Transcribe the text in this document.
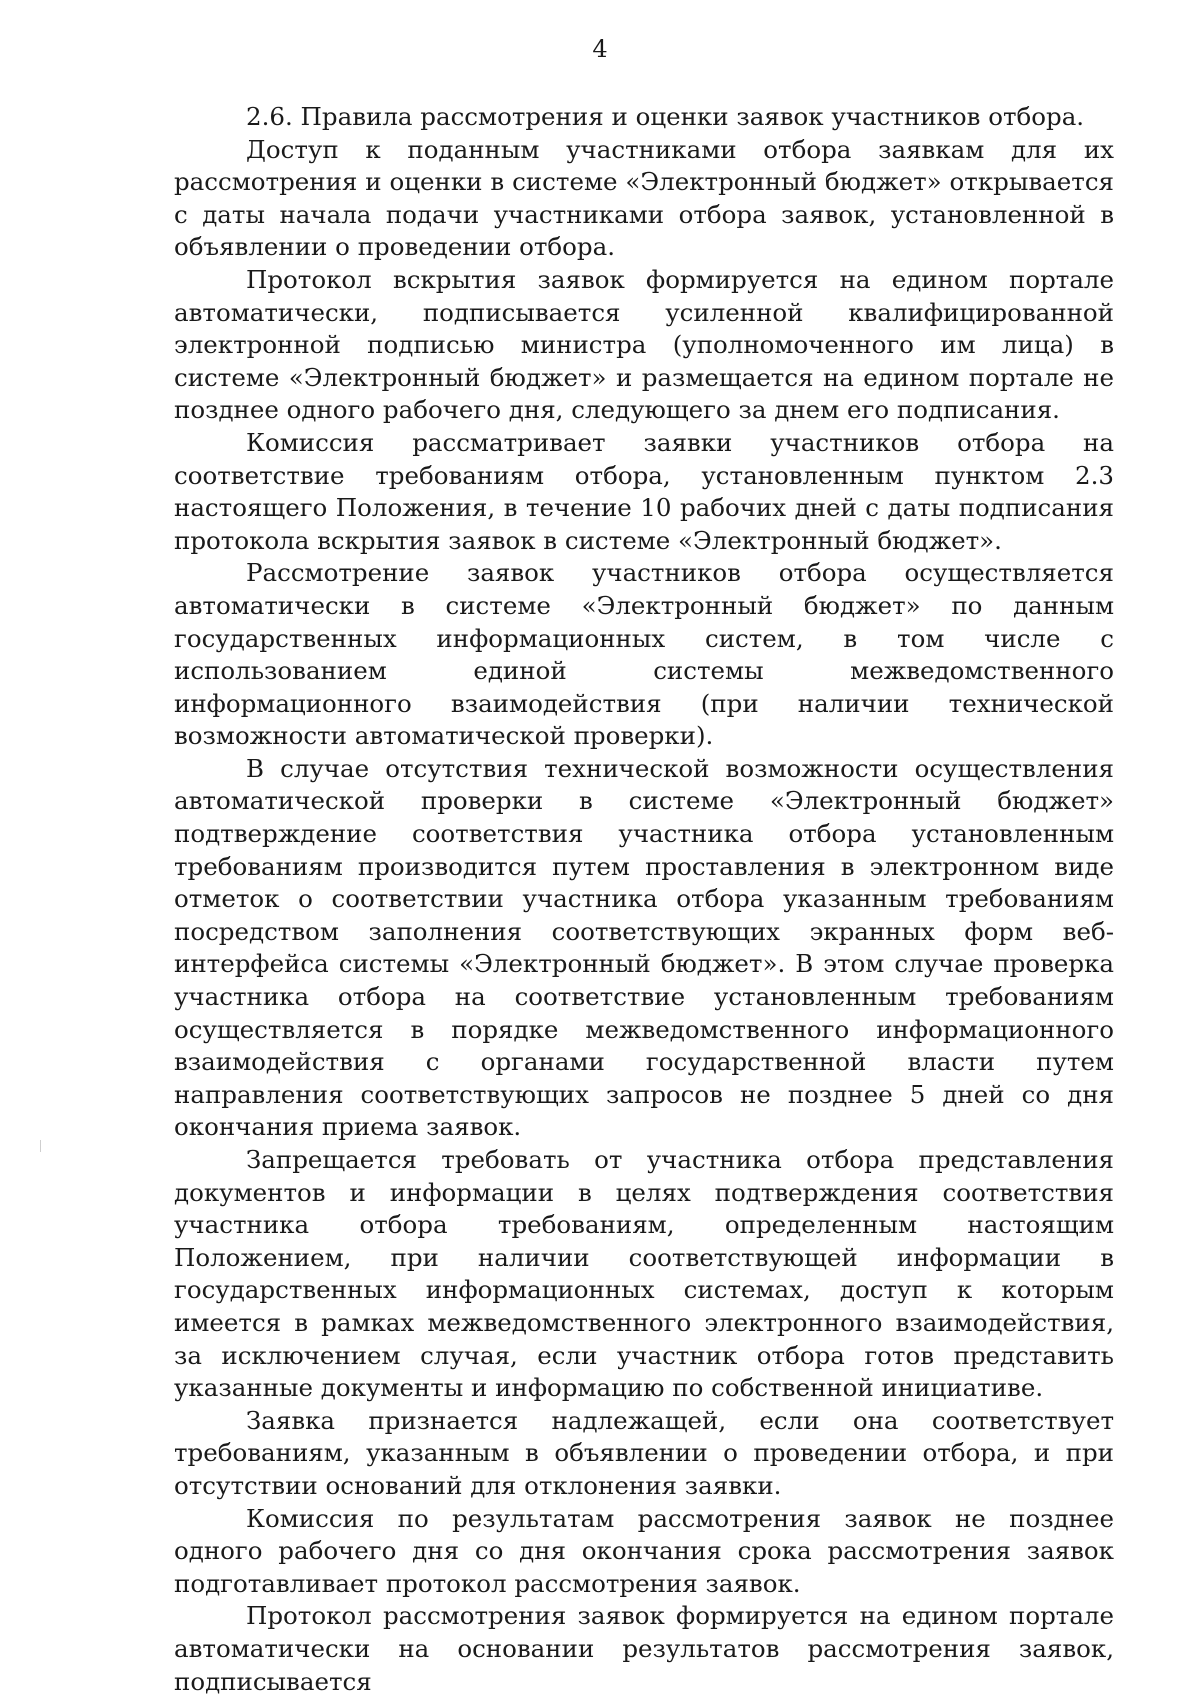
4

2.6. Правила рассмотрения и оценки заявок участников отбора.

Доступ к поданным участниками отбора заявкам для их рассмотрения и оценки в системе «Электронный бюджет» открывается с даты начала подачи участниками отбора заявок, установленной в объявлении о проведении отбора.

Протокол вскрытия заявок формируется на едином портале автоматически, подписывается усиленной квалифицированной электронной подписью министра (уполномоченного им лица) в системе «Электронный бюджет» и размещается на едином портале не позднее одного рабочего дня, следующего за днем его подписания.

Комиссия рассматривает заявки участников отбора на соответствие требованиям отбора, установленным пунктом 2.3 настоящего Положения, в течение 10 рабочих дней с даты подписания протокола вскрытия заявок в системе «Электронный бюджет».

Рассмотрение заявок участников отбора осуществляется автоматически в системе «Электронный бюджет» по данным государственных информационных систем, в том числе с использованием единой системы межведомственного информационного взаимодействия (при наличии технической возможности автоматической проверки).

В случае отсутствия технической возможности осуществления автоматической проверки в системе «Электронный бюджет» подтверждение соответствия участника отбора установленным требованиям производится путем проставления в электронном виде отметок о соответствии участника отбора указанным требованиям посредством заполнения соответствующих экранных форм веб-интерфейса системы «Электронный бюджет». В этом случае проверка участника отбора на соответствие установленным требованиям осуществляется в порядке межведомственного информационного взаимодействия с органами государственной власти путем направления соответствующих запросов не позднее 5 дней со дня окончания приема заявок.

Запрещается требовать от участника отбора представления документов и информации в целях подтверждения соответствия участника отбора требованиям, определенным настоящим Положением, при наличии соответствующей информации в государственных информационных системах, доступ к которым имеется в рамках межведомственного электронного взаимодействия, за исключением случая, если участник отбора готов представить указанные документы и информацию по собственной инициативе.

Заявка признается надлежащей, если она соответствует требованиям, указанным в объявлении о проведении отбора, и при отсутствии оснований для отклонения заявки.

Комиссия по результатам рассмотрения заявок не позднее одного рабочего дня со дня окончания срока рассмотрения заявок подготавливает протокол рассмотрения заявок.

Протокол рассмотрения заявок формируется на едином портале автоматически на основании результатов рассмотрения заявок, подписывается
